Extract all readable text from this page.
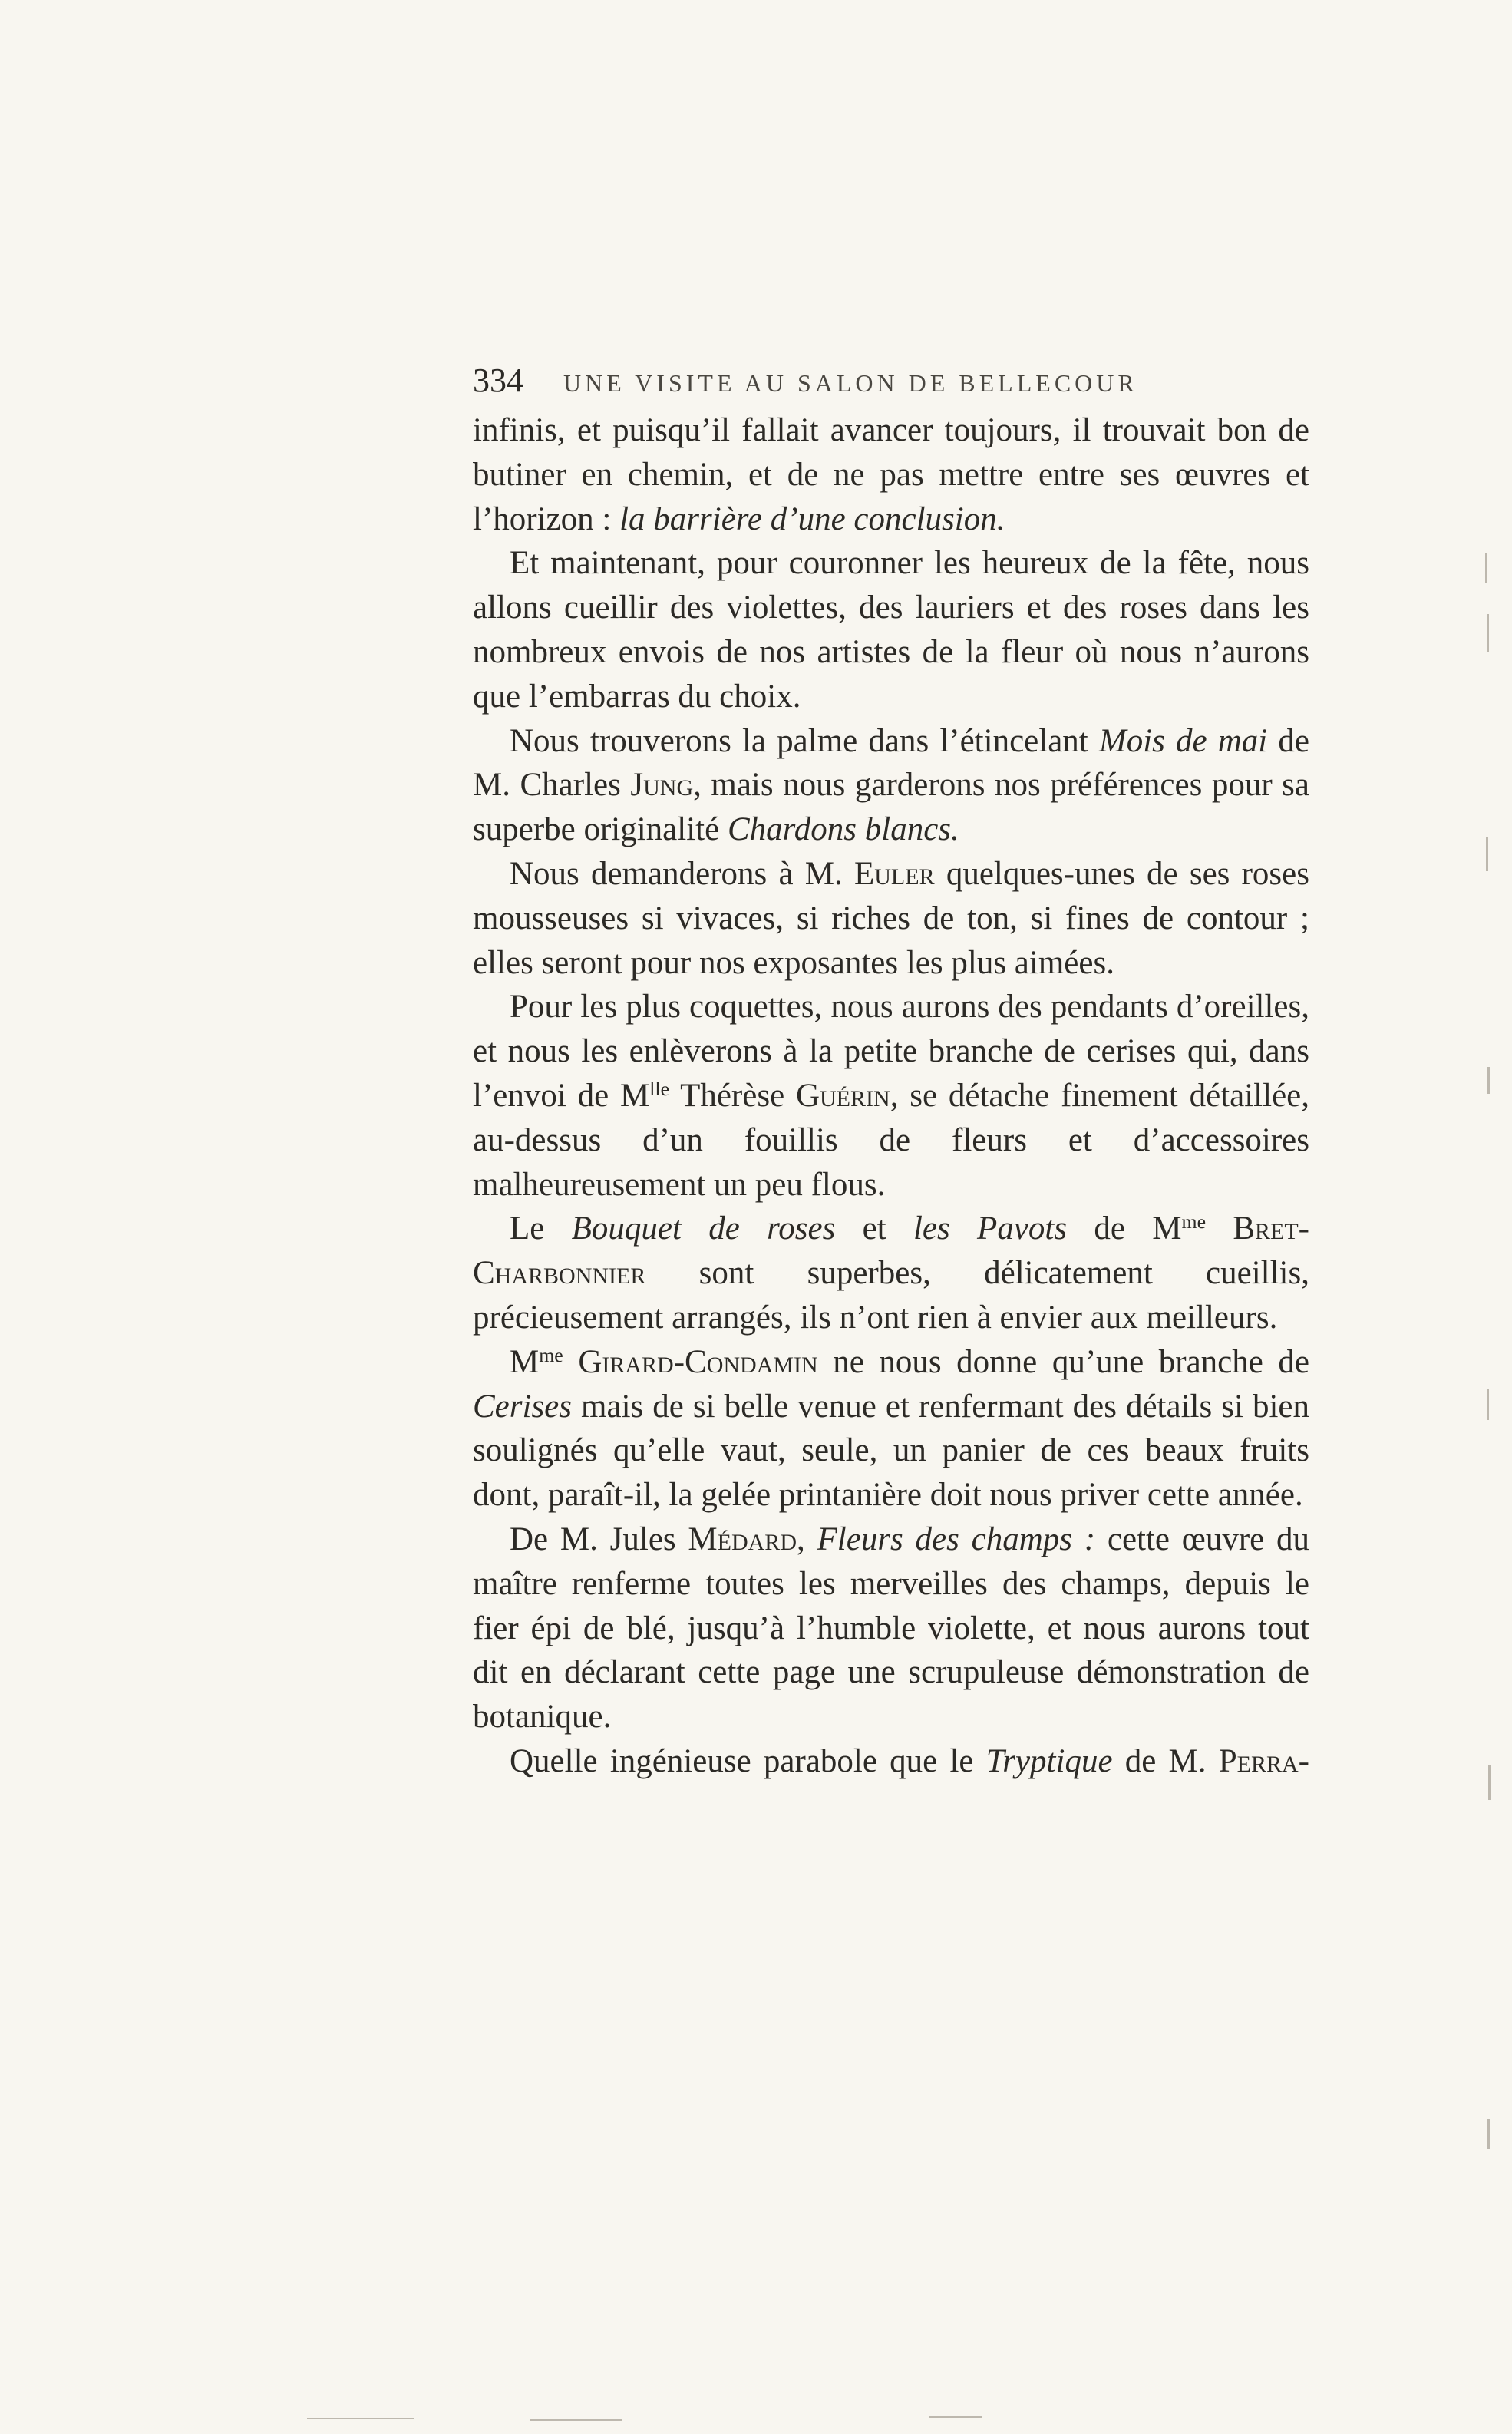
334	UNE VISITE AU SALON DE BELLECOUR

infinis, et puisqu’il fallait avancer toujours, il trouvait bon de butiner en chemin, et de ne pas mettre entre ses œuvres et l’horizon : la barrière d’une conclusion.

Et maintenant, pour couronner les heureux de la fête, nous allons cueillir des violettes, des lauriers et des roses dans les nombreux envois de nos artistes de la fleur où nous n’aurons que l’embarras du choix.

Nous trouverons la palme dans l’étincelant Mois de mai de M. Charles Jung, mais nous garderons nos préférences pour sa superbe originalité Chardons blancs.

Nous demanderons à M. Euler quelques-unes de ses roses mousseuses si vivaces, si riches de ton, si fines de contour ; elles seront pour nos exposantes les plus aimées.

Pour les plus coquettes, nous aurons des pendants d’oreilles, et nous les enlèverons à la petite branche de cerises qui, dans l’envoi de $M^{lle}$ Thérèse Guérin, se détache finement détaillée, au-dessus d’un fouillis de fleurs et d’accessoires malheureusement un peu flous.

Le Bouquet de roses et les Pavots de $M^{me}$ Bret-Charbonnier sont superbes, délicatement cueillis, précieusement arrangés, ils n’ont rien à envier aux meilleurs.

$M^{me}$ Girard-Condamin ne nous donne qu’une branche de Cerises mais de si belle venue et renfermant des détails si bien soulignés qu’elle vaut, seule, un panier de ces beaux fruits dont, paraît-il, la gelée printanière doit nous priver cette année.

De M. Jules Médard, Fleurs des champs : cette œuvre du maître renferme toutes les merveilles des champs, depuis le fier épi de blé, jusqu’à l’humble violette, et nous aurons tout dit en déclarant cette page une scrupuleuse démonstration de botanique.

Quelle ingénieuse parabole que le Tryptique de M. Perra-
